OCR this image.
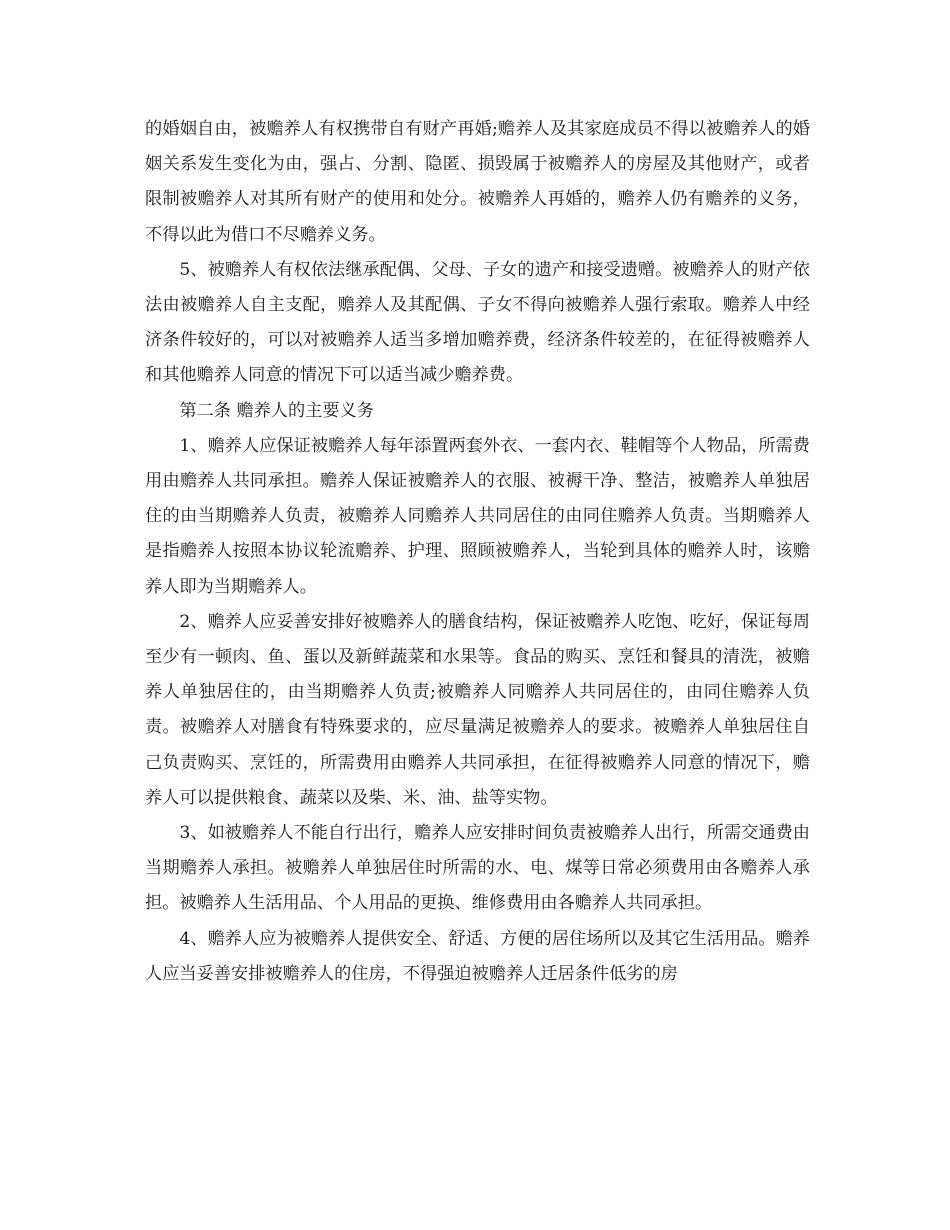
的婚姻自由，被赡养人有权携带自有财产再婚;赡养人及其家庭成员不得以被赡养人的婚姻关系发生变化为由，强占、分割、隐匿、损毁属于被赡养人的房屋及其他财产，或者限制被赡养人对其所有财产的使用和处分。被赡养人再婚的，赡养人仍有赡养的义务，不得以此为借口不尽赡养义务。

5、被赡养人有权依法继承配偶、父母、子女的遗产和接受遗赠。被赡养人的财产依法由被赡养人自主支配，赡养人及其配偶、子女不得向被赡养人强行索取。赡养人中经济条件较好的，可以对被赡养人适当多增加赡养费，经济条件较差的，在征得被赡养人和其他赡养人同意的情况下可以适当减少赡养费。

第二条 赡养人的主要义务

1、赡养人应保证被赡养人每年添置两套外衣、一套内衣、鞋帽等个人物品，所需费用由赡养人共同承担。赡养人保证被赡养人的衣服、被褥干净、整洁，被赡养人单独居住的由当期赡养人负责，被赡养人同赡养人共同居住的由同住赡养人负责。当期赡养人是指赡养人按照本协议轮流赡养、护理、照顾被赡养人，当轮到具体的赡养人时，该赡养人即为当期赡养人。

2、赡养人应妥善安排好被赡养人的膳食结构，保证被赡养人吃饱、吃好，保证每周至少有一顿肉、鱼、蛋以及新鲜蔬菜和水果等。食品的购买、烹饪和餐具的清洗，被赡养人单独居住的，由当期赡养人负责;被赡养人同赡养人共同居住的，由同住赡养人负责。被赡养人对膳食有特殊要求的，应尽量满足被赡养人的要求。被赡养人单独居住自己负责购买、烹饪的，所需费用由赡养人共同承担，在征得被赡养人同意的情况下，赡养人可以提供粮食、蔬菜以及柴、米、油、盐等实物。

3、如被赡养人不能自行出行，赡养人应安排时间负责被赡养人出行，所需交通费由当期赡养人承担。被赡养人单独居住时所需的水、电、煤等日常必须费用由各赡养人承担。被赡养人生活用品、个人用品的更换、维修费用由各赡养人共同承担。

4、赡养人应为被赡养人提供安全、舒适、方便的居住场所以及其它生活用品。赡养人应当妥善安排被赡养人的住房，不得强迫被赡养人迁居条件低劣的房
